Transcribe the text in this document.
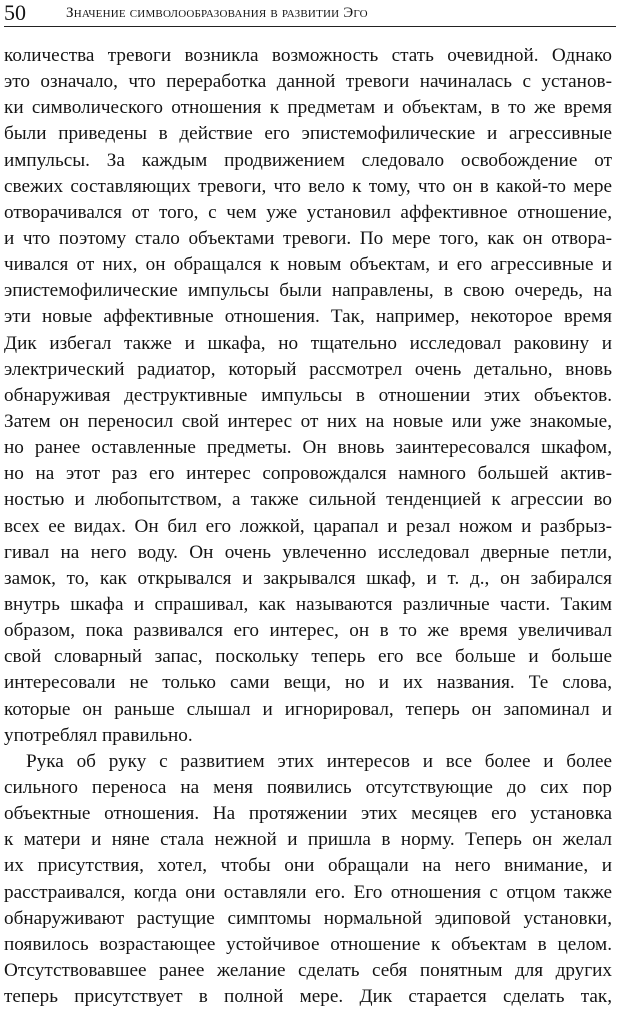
50	Значение символообразования в развитии Эго
количества тревоги возникла возможность стать очевидной. Однако
это означало, что переработка данной тревоги начиналась с установ-
ки символического отношения к предметам и объектам, в то же время
были приведены в действие его эпистемофилические и агрессивные
импульсы. За каждым продвижением следовало освобождение от
свежих составляющих тревоги, что вело к тому, что он в какой-то мере
отворачивался от того, с чем уже установил аффективное отношение,
и что поэтому стало объектами тревоги. По мере того, как он отвора-
чивался от них, он обращался к новым объектам, и его агрессивные и
эпистемофилические импульсы были направлены, в свою очередь, на
эти новые аффективные отношения. Так, например, некоторое время
Дик избегал также и шкафа, но тщательно исследовал раковину и
электрический радиатор, который рассмотрел очень детально, вновь
обнаруживая деструктивные импульсы в отношении этих объектов.
Затем он переносил свой интерес от них на новые или уже знакомые,
но ранее оставленные предметы. Он вновь заинтересовался шкафом,
но на этот раз его интерес сопровождался намного большей актив-
ностью и любопытством, а также сильной тенденцией к агрессии во
всех ее видах. Он бил его ложкой, царапал и резал ножом и разбрыз-
гивал на него воду. Он очень увлеченно исследовал дверные петли,
замок, то, как открывался и закрывался шкаф, и т. д., он забирался
внутрь шкафа и спрашивал, как называются различные части. Таким
образом, пока развивался его интерес, он в то же время увеличивал
свой словарный запас, поскольку теперь его все больше и больше
интересовали не только сами вещи, но и их названия. Те слова,
которые он раньше слышал и игнорировал, теперь он запоминал и
употреблял правильно.
Рука об руку с развитием этих интересов и все более и более
сильного переноса на меня появились отсутствующие до сих пор
объектные отношения. На протяжении этих месяцев его установка
к матери и няне стала нежной и пришла в норму. Теперь он желал
их присутствия, хотел, чтобы они обращали на него внимание, и
расстраивался, когда они оставляли его. Его отношения с отцом также
обнаруживают растущие симптомы нормальной эдиповой установки,
появилось возрастающее устойчивое отношение к объектам в целом.
Отсутствовавшее ранее желание сделать себя понятным для других
теперь присутствует в полной мере. Дик старается сделать так,
